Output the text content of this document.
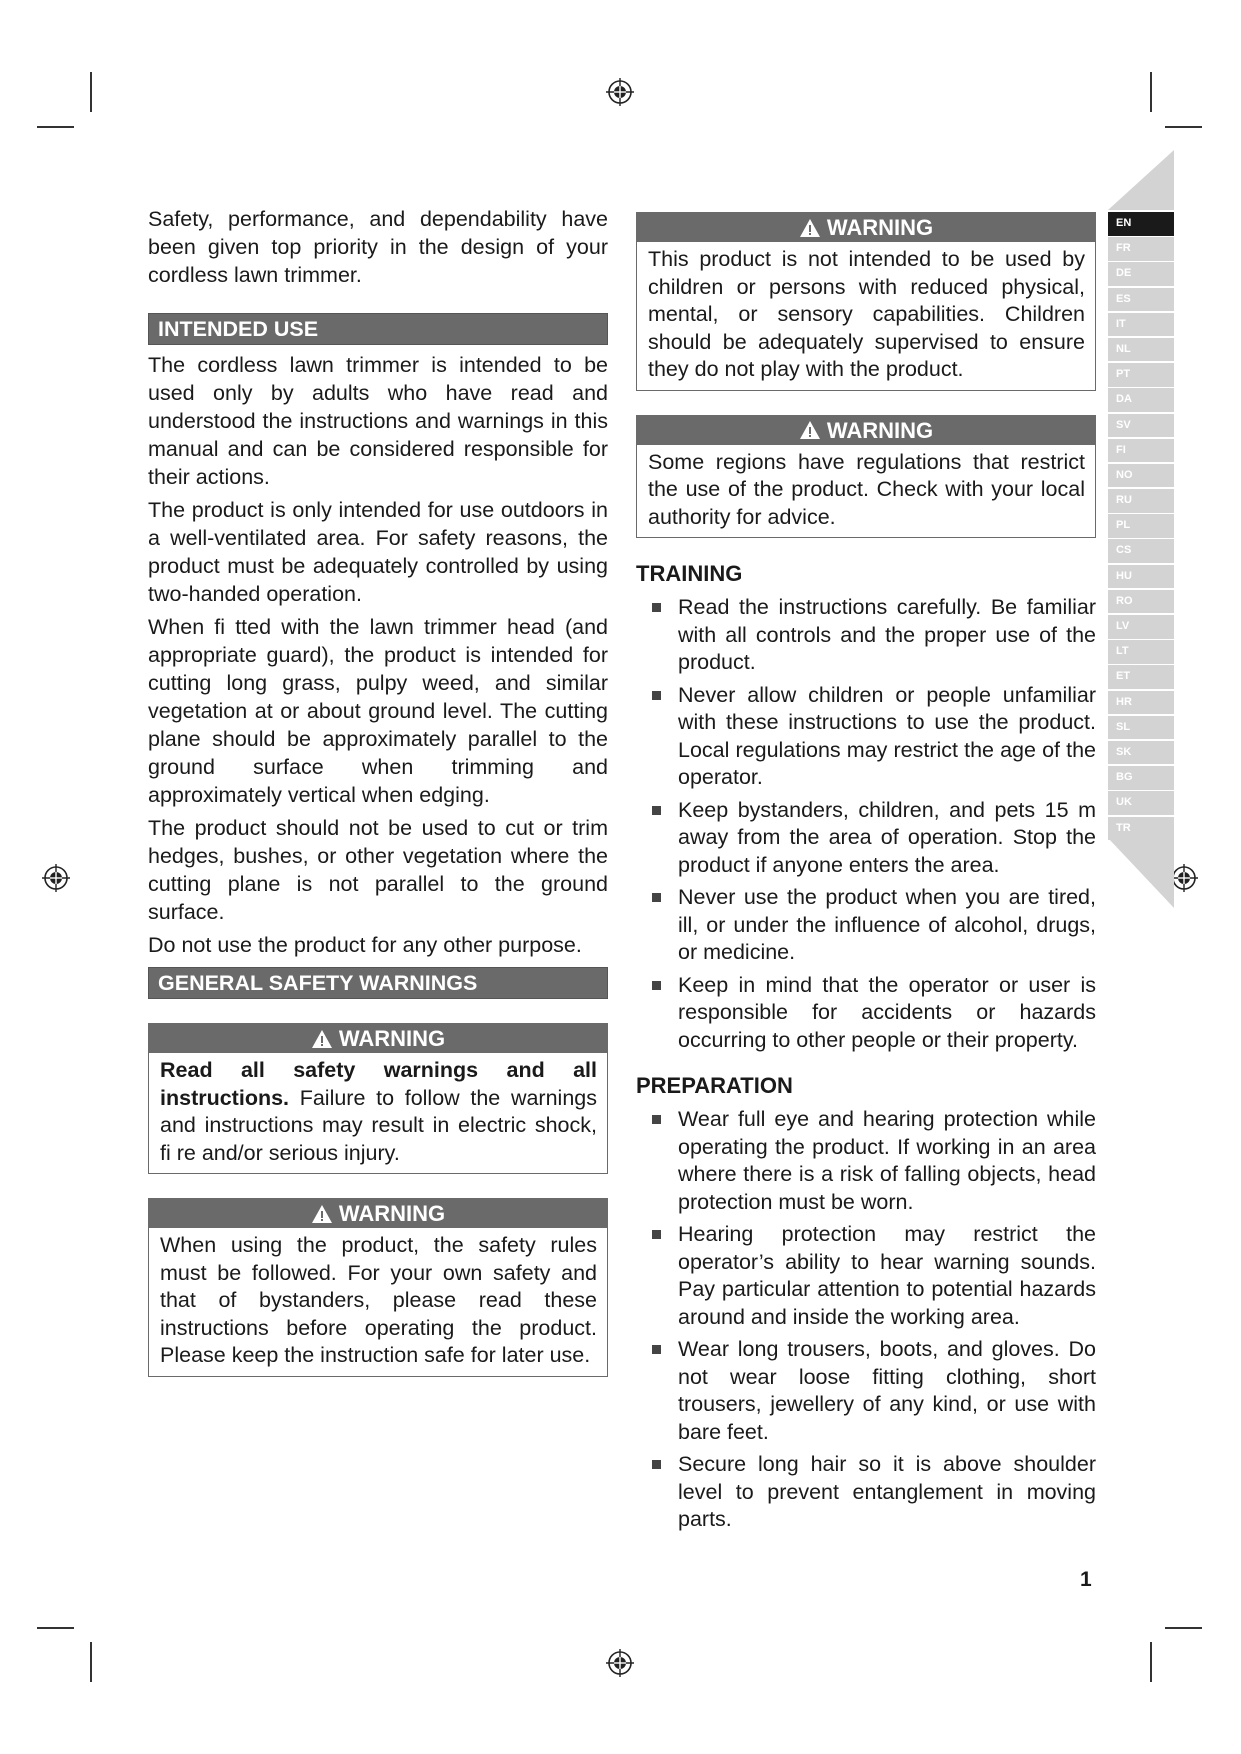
Safety, performance, and dependability have been given top priority in the design of your cordless lawn trimmer.

INTENDED USE

The cordless lawn trimmer is intended to be used only by adults who have read and understood the instructions and warnings in this manual and can be considered responsible for their actions.

The product is only intended for use outdoors in a well-ventilated area. For safety reasons, the product must be adequately controlled by using two-handed operation.

When fi tted with the lawn trimmer head (and appropriate guard), the product is intended for cutting long grass, pulpy weed, and similar vegetation at or about ground level. The cutting plane should be approximately parallel to the ground surface when trimming and approximately vertical when edging.

The product should not be used to cut or trim hedges, bushes, or other vegetation where the cutting plane is not parallel to the ground surface.

Do not use the product for any other purpose.

GENERAL SAFETY WARNINGS
WARNING
Read all safety warnings and all instructions. Failure to follow the warnings and instructions may result in electric shock, fi re and/or serious injury.
WARNING
When using the product, the safety rules must be followed. For your own safety and that of bystanders, please read these instructions before operating the product. Please keep the instruction safe for later use.
WARNING
This product is not intended to be used by children or persons with reduced physical, mental, or sensory capabilities. Children should be adequately supervised to ensure they do not play with the product.
WARNING
Some regions have regulations that restrict the use of the product. Check with your local authority for advice.
TRAINING
Read the instructions carefully. Be familiar with all controls and the proper use of the product.
Never allow children or people unfamiliar with these instructions to use the product. Local regulations may restrict the age of the operator.
Keep bystanders, children, and pets 15 m away from the area of operation. Stop the product if anyone enters the area.
Never use the product when you are tired, ill, or under the influence of alcohol, drugs, or medicine.
Keep in mind that the operator or user is responsible for accidents or hazards occurring to other people or their property.
PREPARATION
Wear full eye and hearing protection while operating the product. If working in an area where there is a risk of falling objects, head protection must be worn.
Hearing protection may restrict the operator’s ability to hear warning sounds. Pay particular attention to potential hazards around and inside the working area.
Wear long trousers, boots, and gloves. Do not wear loose fitting clothing, short trousers, jewellery of any kind, or use with bare feet.
Secure long hair so it is above shoulder level to prevent entanglement in moving parts.
EN
FR
DE
ES
IT
NL
PT
DA
SV
FI
NO
RU
PL
CS
HU
RO
LV
LT
ET
HR
SL
SK
BG
UK
TR
1
